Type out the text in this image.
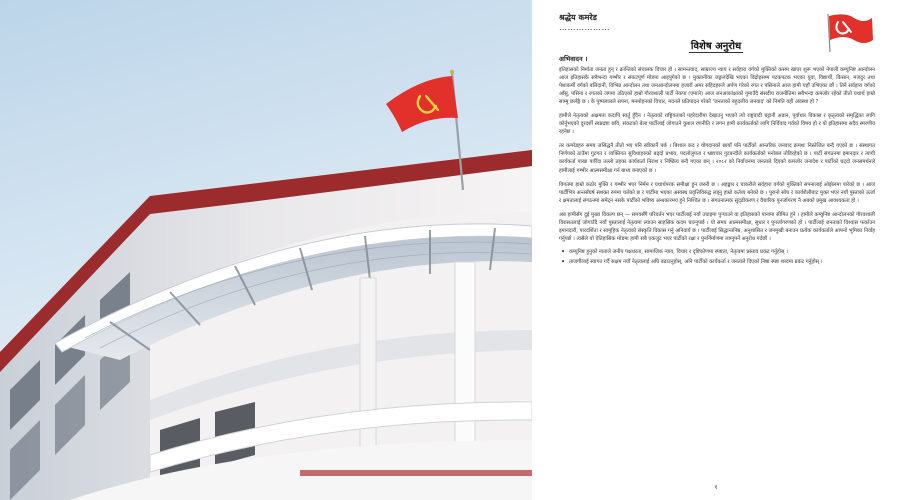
श्रद्धेय कमरेड
………………
विशेष अनुरोध
अभिवादन ।

इतिहासको निर्माता जनता हुन् र क्रान्तिको संचालक विचार हो । सामन्तवाद, साम्राज्य न्याय र सर्वहारा वर्गको मुक्तिको कसम खाएर शुरू भएको नेपाली कम्युनिष्ट आन्दोलन आज इतिहासकै सबैभन्दा गम्भीर र संकटपूर्ण मोडमा आइपुगेको छ । मुक्तानीका जङ्गलदेखि भएका विद्रोहसम्म पटकपटक भएका युवा, विद्यार्थी, किसान, मजदुर तथा पेशाकर्मी वर्गको बलिदानी, विभिन्न आन्दोलन तथा जनआन्दोलनमा हजारौं अमर सहिदहरुले अर्पण गरेको रगत र पसिनाले आज हामी यहाँ उभिएका छौं । तिनै सर्वहारा वर्गको आँसु, पसिना र रगतको जगमा उठिएको हाम्रो गौरवशाली पार्टी नेकपा (एमाले) आज जनआकांक्षाको गुमाउँदै संसदीय राजनीतिमा सबैभन्दा कमजोर रहेको तीतो यथार्थ हाम्रो साम्मु छर्लङ्गै छ । के पुष्पलालले सपना, मनमोहनको विचार, मदनले प्रतिपादन गरेको 'जनताको बहुदलीय जनवाद' को निमति यही अवस्था हो ?

हामीले नेतृत्वको अक्षमता कदापि स्वर्तु हुँदैन । नेतृत्वको राष्ट्रियताको पहरेदारीमा देखाउनु भएको त्यो राष्ट्रवादी चट्टानी अडान, पूर्वाधार विकास र कृतृत्वको समृद्धिका लागि कोर्नुभएको दूरदर्शी स्वप्नद्रष्टा छवि, संकटको बेला पार्टीलाई जोगाउने कुशल रणनीति र लगन हामी कार्यकर्ताको लागि निर्विवाद गर्वको विषय हो र यो इतिहासमा सदैव स्मरणीय रहनेछ ।

तर कमरेडहरु समय जसिद्धनै तीतो भए पनि स्वीकार्नै पर्छ । बिशाल कद र योगदानको छायाँ पनि पार्टीको आन्तरिक जनवाद क्रमशः निस्तेजित बन्दै गएको छ । संस्थागत निर्णयको ठाउँमा गुटगत र व्यक्तिगत सुविधाहरुको बढ्दो प्रभाव, पदलोलुपता र भ्रष्टाचार गुटबन्दीले कार्यकर्ताको मनोबल तोडिरहेको छ । पार्टी संगठनमा इमानदार र त्यागी कार्यकर्ता पाखा पारिँदा तल्लो तहका कार्यकर्ता निराश र निष्क्रिय बन्दै गएका छन् । २०८२ को निर्वाचनमा जनताले दिएको कमजोर जनादेश र पार्टीको घट्दो जनसमर्थनले हामीलाई गम्भीर आत्मसमीक्षा गर्न बाध्य बनाएको छ ।

विगतमा हाम्रो कठोर मुक्ति र गम्भीर भएर निर्मम र यथार्थपरक समीक्षा हुन जरुरी छ । अहङ्कार र चाकरीले सर्वहारा वर्गको मुक्तिको सपनालाई ओझेलमा पारेको छ । आज पार्टीभित्र अन्तर्संघर्ष सशक्त रुपमा चलेको छ र पार्टीमा भएका अस्वस्थ प्रवृत्तिविरुद्ध लड्नु हाम्रो कर्तव्य बनेको छ । पुरानो सोच र कार्यशैलीबाट मुक्त भएर नयाँ पुस्ताको ऊर्जा र क्षमतालाई संगठनमा समेट्न नसके पार्टीको भविष्य अन्धकारमय हुने निश्चित छ । संगठनात्मक सुदृढीकरण र वैचारिक पुनर्जागरण नै अबको प्रमुख आवश्यकता हो ।

अब हामीसँग दुई मुख्य विकल्प छन् — समयसँगै परिवर्तन भएर पार्टीलाई नयाँ उचाइमा पुर्‍याउने वा इतिहासको पानामा सीमित हुने । हामीले कम्युनिष्ट आन्दोलनको गौरवशाली विरासतलाई जोगाउँदै नयाँ पुस्तालाई नेतृत्वमा ल्याउन साहसिक कदम चाल्नुपर्छ । यो समय आत्मसमीक्षा, सुधार र पुनर्जागरणको हो । पार्टीलाई जनताको विश्वास फर्काउन इमानदारी, पारदर्शिता र सामूहिक नेतृत्वको संस्कृति विकास गर्नु अनिवार्य छ । पार्टीलाई सिद्धान्तनिष्ठ, अनुशासित र जनमुखी बनाउन प्रत्येक कार्यकर्ताले आफ्नो भूमिका निर्वाह गर्नुपर्छ । त्यसैले यो ऐतिहासिक मोडमा हामी सबै एकजुट भएर पार्टीको रक्षा र पुनर्निर्माणमा लाग्नुपर्ने अनुरोध गर्दछौं ।

• कम्युनिष्ट हुनुको नाताले जनीय पक्षधरता, सामाजिक न्याय, विचार र दृष्टिकोणमा स्पष्टता, नेतृत्वमा प्रस्ताव प्रकट गर्नुहोस् ।
• ताजगीलाई स्वागत गर्दै सक्षम नयाँ नेतृत्वलाई अघि बढाउनुहोस्, अनि पार्टीको कार्यकर्ता र जनताले दिएको निष्ठा स्पष्ट शब्दमा प्रकट गर्नुहोस् ।
१
